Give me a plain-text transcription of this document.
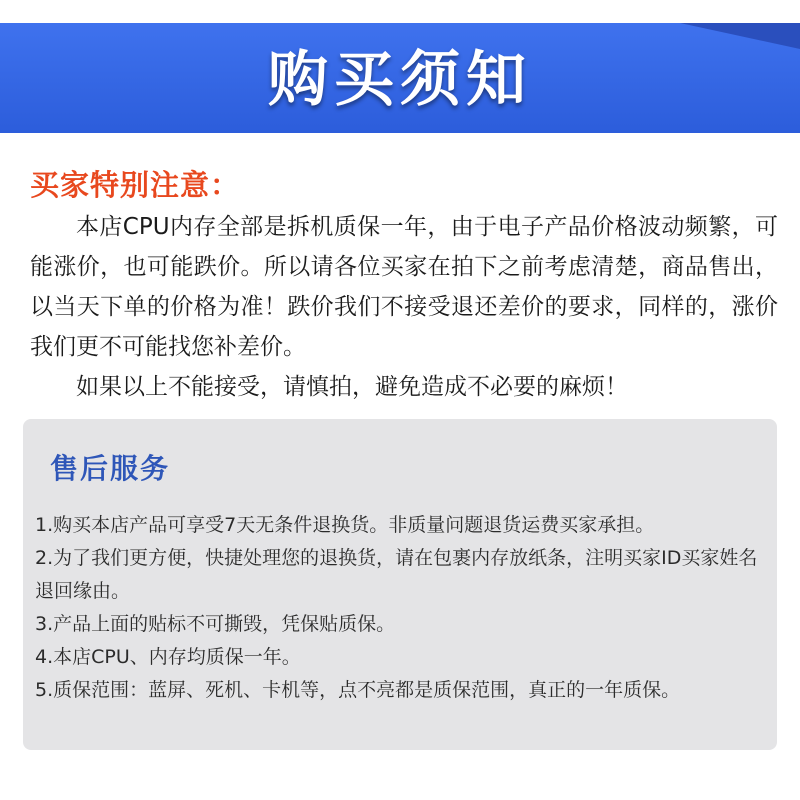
购买须知
买家特别注意：

本店CPU内存全部是拆机质保一年，由于电子产品价格波动频繁，可能涨价，也可能跌价。所以请各位买家在拍下之前考虑清楚，商品售出，以当天下单的价格为准！跌价我们不接受退还差价的要求，同样的，涨价我们更不可能找您补差价。

如果以上不能接受，请慎拍，避免造成不必要的麻烦！

售后服务
1.购买本店产品可享受7天无条件退换货。非质量问题退货运费买家承担。
2.为了我们更方便，快捷处理您的退换货，请在包裹内存放纸条，注明买家ID买家姓名退回缘由。
3.产品上面的贴标不可撕毁，凭保贴质保。
4.本店CPU、内存均质保一年。
5.质保范围：蓝屏、死机、卡机等，点不亮都是质保范围，真正的一年质保。
